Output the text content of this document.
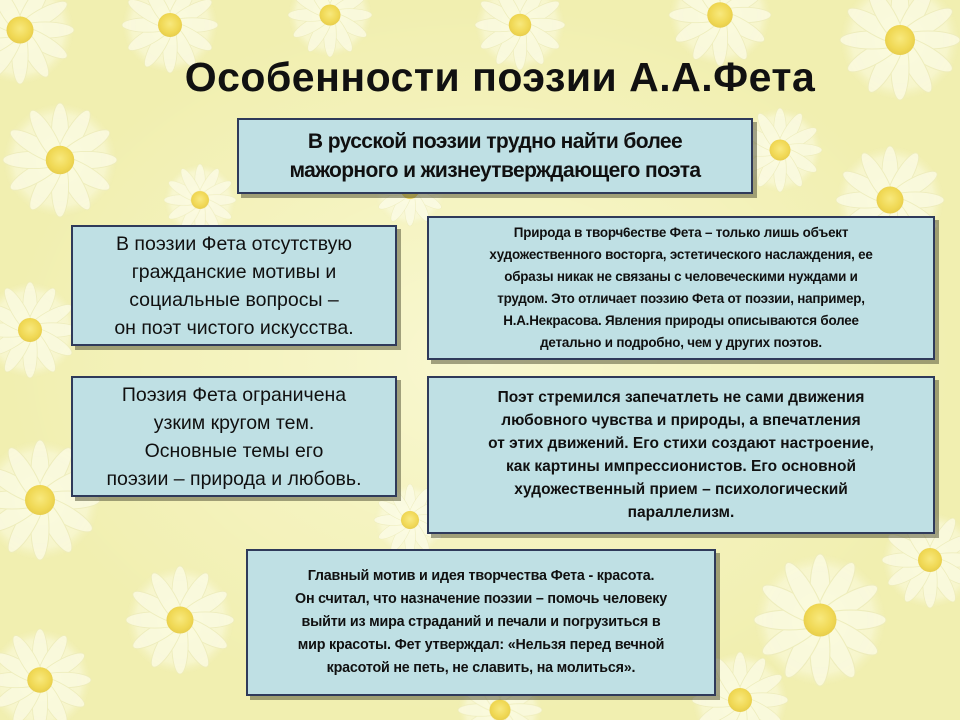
Особенности поэзии А.А.Фета
В русской поэзии трудно найти более
мажорного и жизнеутверждающего поэта
В поэзии Фета отсутствую
гражданские мотивы и
социальные вопросы –
он поэт чистого искусства.
Природа в творч6естве Фета – только лишь объект
художественного восторга, эстетического наслаждения, ее
образы никак не связаны с человеческими нуждами и
трудом. Это отличает поэзию Фета от поэзии, например,
Н.А.Некрасова. Явления природы описываются более
детально и подробно, чем у других поэтов.
Поэзия Фета ограничена
узким кругом тем.
Основные темы его
поэзии – природа и любовь.
Поэт стремился запечатлеть не сами движения
любовного чувства и природы, а впечатления
от этих движений. Его стихи создают настроение,
как картины импрессионистов. Его основной
художественный прием – психологический
параллелизм.
Главный мотив и идея творчества Фета - красота.
Он считал, что назначение поэзии – помочь человеку
выйти из мира страданий и печали и погрузиться в
мир красоты. Фет утверждал: «Нельзя перед вечной
красотой не петь, не славить, на молиться».
